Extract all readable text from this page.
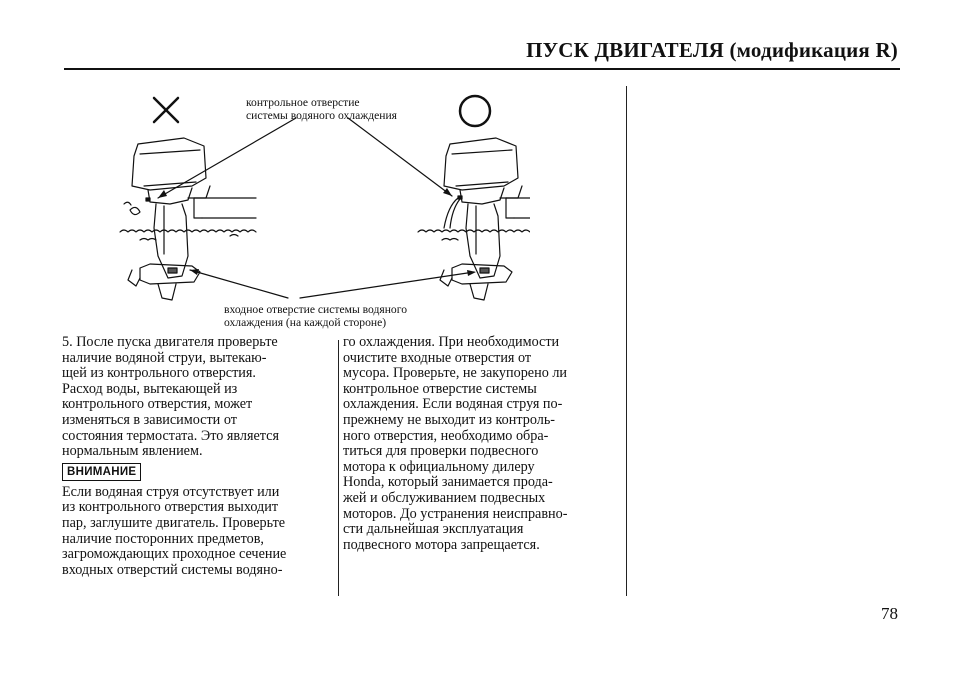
ПУСК ДВИГАТЕЛЯ (модификация R)
контрольное отверстие
системы водяного охлаждения
входное отверстие системы водяного
охлаждения (на каждой стороне)
5. После пуска двигателя проверьте
наличие водяной струи, вытекаю-
щей из контрольного отверстия.
Расход воды, вытекающей из
контрольного отверстия, может
изменяться в зависимости от
состояния термостата. Это является
нормальным явлением.
ВНИМАНИЕ
Если водяная струя отсутствует или
из контрольного отверстия выходит
пар, заглушите двигатель. Проверьте
наличие посторонних предметов,
загромождающих проходное сечение
входных отверстий системы водяно-
го охлаждения. При необходимости
очистите входные отверстия от
мусора. Проверьте, не закупорено ли
контрольное отверстие системы
охлаждения. Если водяная струя по-
прежнему не выходит из контроль-
ного отверстия, необходимо обра-
титься для проверки подвесного
мотора к официальному дилеру
Honda, который занимается прода-
жей и обслуживанием подвесных
моторов. До устранения неисправно-
сти дальнейшая эксплуатация
подвесного мотора запрещается.
78
